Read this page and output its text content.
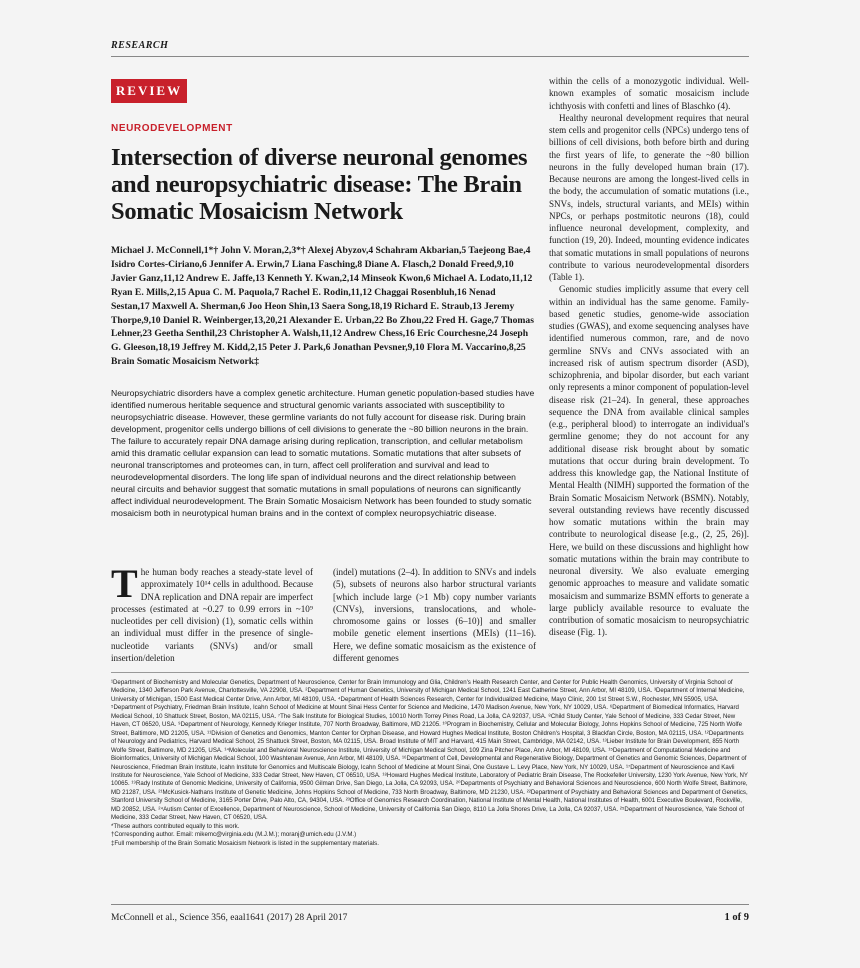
RESEARCH
REVIEW
NEURODEVELOPMENT
Intersection of diverse neuronal genomes and neuropsychiatric disease: The Brain Somatic Mosaicism Network
Michael J. McConnell,1*† John V. Moran,2,3*† Alexej Abyzov,4 Schahram Akbarian,5 Taejeong Bae,4 Isidro Cortes-Ciriano,6 Jennifer A. Erwin,7 Liana Fasching,8 Diane A. Flasch,2 Donald Freed,9,10 Javier Ganz,11,12 Andrew E. Jaffe,13 Kenneth Y. Kwan,2,14 Minseok Kwon,6 Michael A. Lodato,11,12 Ryan E. Mills,2,15 Apua C. M. Paquola,7 Rachel E. Rodin,11,12 Chaggai Rosenbluh,16 Nenad Sestan,17 Maxwell A. Sherman,6 Joo Heon Shin,13 Saera Song,18,19 Richard E. Straub,13 Jeremy Thorpe,9,10 Daniel R. Weinberger,13,20,21 Alexander E. Urban,22 Bo Zhou,22 Fred H. Gage,7 Thomas Lehner,23 Geetha Senthil,23 Christopher A. Walsh,11,12 Andrew Chess,16 Eric Courchesne,24 Joseph G. Gleeson,18,19 Jeffrey M. Kidd,2,15 Peter J. Park,6 Jonathan Pevsner,9,10 Flora M. Vaccarino,8,25 Brain Somatic Mosaicism Network‡
Neuropsychiatric disorders have a complex genetic architecture. Human genetic population-based studies have identified numerous heritable sequence and structural genomic variants associated with susceptibility to neuropsychiatric disease. However, these germline variants do not fully account for disease risk. During brain development, progenitor cells undergo billions of cell divisions to generate the ~80 billion neurons in the brain. The failure to accurately repair DNA damage arising during replication, transcription, and cellular metabolism amid this dramatic cellular expansion can lead to somatic mutations. Somatic mutations that alter subsets of neuronal transcriptomes and proteomes can, in turn, affect cell proliferation and survival and lead to neurodevelopmental disorders. The long life span of individual neurons and the direct relationship between neural circuits and behavior suggest that somatic mutations in small populations of neurons can significantly affect individual neurodevelopment. The Brain Somatic Mosaicism Network has been founded to study somatic mosaicism both in neurotypical human brains and in the context of complex neuropsychiatric disease.
The human body reaches a steady-state level of approximately 10¹⁴ cells in adulthood. Because DNA replication and DNA repair are imperfect processes (estimated at ~0.27 to 0.99 errors in ~10⁹ nucleotides per cell division) (1), somatic cells within an individual must differ in the presence of single-nucleotide variants (SNVs) and/or small insertion/deletion
(indel) mutations (2–4). In addition to SNVs and indels (5), subsets of neurons also harbor structural variants [which include large (>1 Mb) copy number variants (CNVs), inversions, translocations, and whole-chromosome gains or losses (6–10)] and smaller mobile genetic element insertions (MEIs) (11–16). Here, we define somatic mosaicism as the existence of different genomes

within the cells of a monozygotic individual. Well-known examples of somatic mosaicism include ichthyosis with confetti and lines of Blaschko (4).

Healthy neuronal development requires that neural stem cells and progenitor cells (NPCs) undergo tens of billions of cell divisions, both before birth and during the first years of life, to generate the ~80 billion neurons in the fully developed human brain (17). Because neurons are among the longest-lived cells in the body, the accumulation of somatic mutations (i.e., SNVs, indels, structural variants, and MEIs) within NPCs, or perhaps postmitotic neurons (18), could influence neuronal development, complexity, and function (19, 20). Indeed, mounting evidence indicates that somatic mutations in small populations of neurons contribute to various neurodevelopmental disorders (Table 1).

Genomic studies implicitly assume that every cell within an individual has the same genome. Family-based genetic studies, genome-wide association studies (GWAS), and exome sequencing analyses have identified numerous common, rare, and de novo germline SNVs and CNVs associated with an increased risk of autism spectrum disorder (ASD), schizophrenia, and bipolar disorder, but each variant only represents a minor component of population-level disease risk (21–24). In general, these approaches sequence the DNA from available clinical samples (e.g., peripheral blood) to interrogate an individual's germline genome; they do not account for any additional disease risk brought about by somatic mutations that occur during brain development. To address this knowledge gap, the National Institute of Mental Health (NIMH) supported the formation of the Brain Somatic Mosaicism Network (BSMN). Notably, several outstanding reviews have recently discussed how somatic mutations within the brain may contribute to neurological disease [e.g., (2, 25, 26)]. Here, we build on these discussions and highlight how somatic mutations within the brain may contribute to neuronal diversity. We also evaluate emerging genomic approaches to measure and validate somatic mosaicism and summarize BSMN efforts to generate a large publicly available resource to evaluate the contribution of somatic mosaicism to neuropsychiatric disease (Fig. 1).

¹Department of Biochemistry and Molecular Genetics, Department of Neuroscience, Center for Brain Immunology and Glia, Children's Health Research Center, and Center for Public Health Genomics, University of Virginia School of Medicine, 1340 Jefferson Park Avenue, Charlottesville, VA 22908, USA. ²Department of Human Genetics, University of Michigan Medical School, 1241 East Catherine Street, Ann Arbor, MI 48109, USA. ³Department of Internal Medicine, University of Michigan, 1500 East Medical Center Drive, Ann Arbor, MI 48109, USA. ⁴Department of Health Sciences Research, Center for Individualized Medicine, Mayo Clinic, 200 1st Street S.W., Rochester, MN 55905, USA. ⁵Department of Psychiatry, Friedman Brain Institute, Icahn School of Medicine at Mount Sinai Hess Center for Science and Medicine, 1470 Madison Avenue, New York, NY 10029, USA. ⁶Department of Biomedical Informatics, Harvard Medical School, 10 Shattuck Street, Boston, MA 02115, USA. ⁷The Salk Institute for Biological Studies, 10010 North Torrey Pines Road, La Jolla, CA 92037, USA. ⁸Child Study Center, Yale School of Medicine, 333 Cedar Street, New Haven, CT 06520, USA. ⁹Department of Neurology, Kennedy Krieger Institute, 707 North Broadway, Baltimore, MD 21205. ¹⁰Program in Biochemistry, Cellular and Molecular Biology, Johns Hopkins School of Medicine, 725 North Wolfe Street, Baltimore, MD 21205, USA. ¹¹Division of Genetics and Genomics, Manton Center for Orphan Disease, and Howard Hughes Medical Institute, Boston Children's Hospital, 3 Blackfan Circle, Boston, MA 02115, USA. ¹²Departments of Neurology and Pediatrics, Harvard Medical School, 25 Shattuck Street, Boston, MA 02115, USA. Broad Institute of MIT and Harvard, 415 Main Street, Cambridge, MA 02142, USA. ¹³Lieber Institute for Brain Development, 855 North Wolfe Street, Baltimore, MD 21205, USA. ¹⁴Molecular and Behavioral Neuroscience Institute, University of Michigan Medical School, 109 Zina Pitcher Place, Ann Arbor, MI 48109, USA. ¹⁵Department of Computational Medicine and Bioinformatics, University of Michigan Medical School, 100 Washtenaw Avenue, Ann Arbor, MI 48109, USA. ¹⁶Department of Cell, Developmental and Regenerative Biology, Department of Genetics and Genomic Sciences, Department of Neuroscience, Friedman Brain Institute, Icahn Institute for Genomics and Multiscale Biology, Icahn School of Medicine at Mount Sinai, One Gustave L. Levy Place, New York, NY 10029, USA. ¹⁷Department of Neuroscience and Kavli Institute for Neuroscience, Yale School of Medicine, 333 Cedar Street, New Haven, CT 06510, USA. ¹⁸Howard Hughes Medical Institute, Laboratory of Pediatric Brain Disease, The Rockefeller University, 1230 York Avenue, New York, NY 10065. ¹⁹Rady Institute of Genomic Medicine, University of California, 9500 Gilman Drive, San Diego, La Jolla, CA 92093, USA. ²⁰Departments of Psychiatry and Behavioral Sciences and Neuroscience, 600 North Wolfe Street, Baltimore, MD 21287, USA. ²¹McKusick-Nathans Institute of Genetic Medicine, Johns Hopkins School of Medicine, 733 North Broadway, Baltimore, MD 21230, USA. ²²Department of Psychiatry and Behavioral Sciences and Department of Genetics, Stanford University School of Medicine, 3165 Porter Drive, Palo Alto, CA, 94304, USA. ²³Office of Genomics Research Coordination, National Institute of Mental Health, National Institutes of Health, 6001 Executive Boulevard, Rockville, MD 20852, USA. ²⁴Autism Center of Excellence, Department of Neuroscience, School of Medicine, University of California San Diego, 8110 La Jolla Shores Drive, La Jolla, CA 92037, USA. ²⁵Department of Neuroscience, Yale School of Medicine, 333 Cedar Street, New Haven, CT 06520, USA.
*These authors contributed equally to this work.
†Corresponding author. Email: mikemc@virginia.edu (M.J.M.); moranj@umich.edu (J.V.M.)
‡Full membership of the Brain Somatic Mosaicism Network is listed in the supplementary materials.
McConnell et al., Science 356, eaal1641 (2017) 28 April 2017	1 of 9
